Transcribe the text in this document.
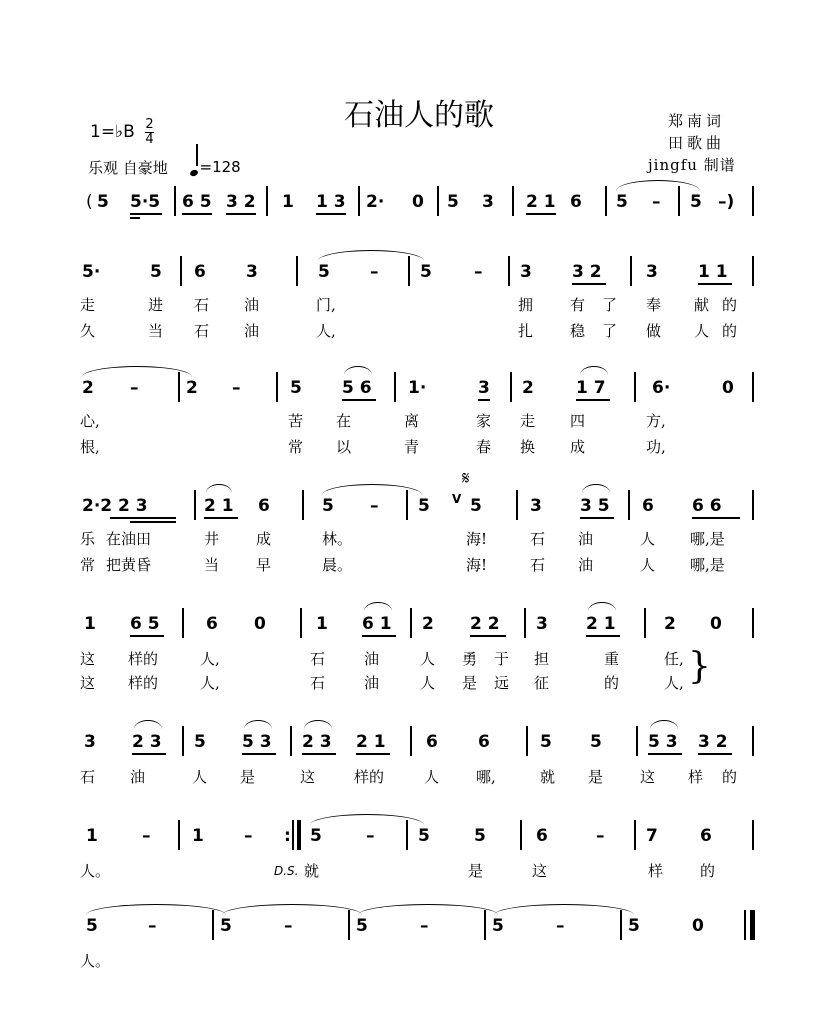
石油人的歌	郑南词
田歌曲
jingfu 制谱
1=♭B 2
4
乐观 自豪地	=128
( 5 5·5 6 5 3 2 1 1 3 2· 0 5 3 2 1 6 5 – 5 –)
5·	5 6 3	5 – 5 – 3 3 2	3 1 1
走	进 石 油	门,	拥 有 了 奉 献 的
久	当 石 油	人,	扎 稳 了 做 人 的
2 –	2 –	5 5 6 1·	3 2 1 7	6·	0
心,	苦 在	离	家 走 四	方,
根,	常 以	青	春 换 成	功,
𝄋
2·2 2 3	2 1 6	5 – 5 V 5	3 3 5 6 6 6
乐 在油田	井 成	林。	海!	石 油	人 哪,是
常 把黄昏	当 早	晨。	海!	石 油	人 哪,是
1 6 5	6 0	1 6 1 2 2 2 3 2 1	2 0
这 样的	人,	石	油	人 勇 于 担	重	任,
这 样的	人,	石	油	人 是 远 征	的	人, }
3 2 3 5 5 3 2 3 2 1 6 6	5 5	5 3 3 2
石 油	人 是	这	样的	人 哪,	就 是 这 样 的
1	– 1 – : 5	–	5	5	6	– 7 6
人。	D.S. 就	是	这	样 的
5	–	5	–	5	–	5	–	5	0
人。
